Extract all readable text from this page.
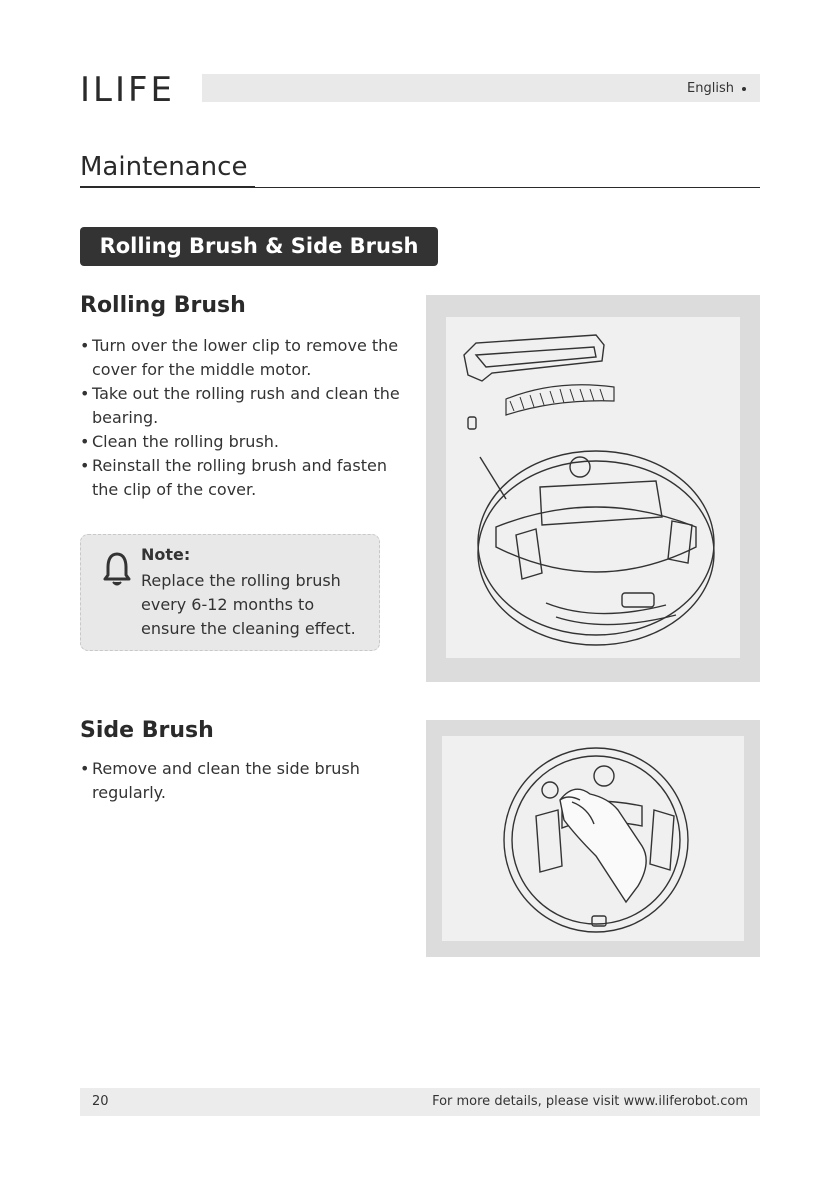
ILIFE	English
Maintenance
Rolling Brush & Side Brush
Rolling Brush
• Turn over the lower clip to remove the cover for the middle motor.
• Take out the rolling rush and clean the bearing.
• Clean the rolling brush.
• Reinstall the rolling brush and fasten the clip of the cover.
Note:
Replace the rolling brush every 6-12 months to ensure the cleaning effect.
Side Brush
• Remove and clean the side brush regularly.
20	For more details, please visit www.iliferobot.com
